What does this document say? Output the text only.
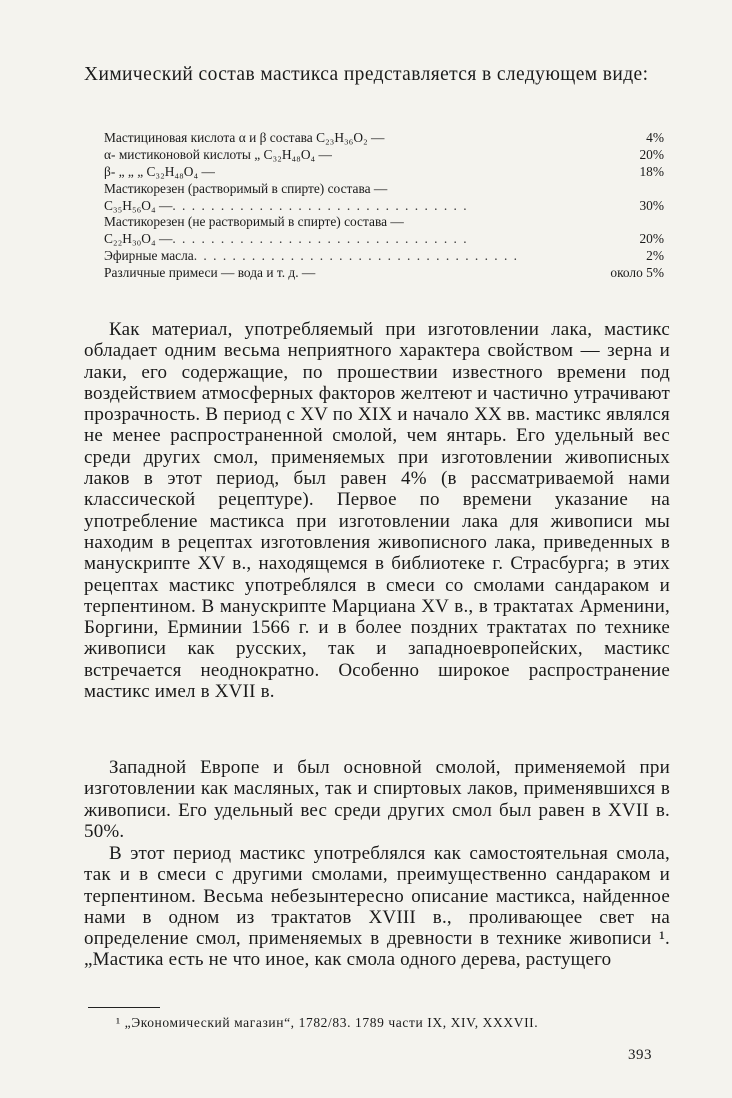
Химический состав мастикса представляется в следующем виде:

Мастициновая кислота α и β состава C₂₃H₃₆O₂ —	4%
α- мистиконовой кислоты „ C₃₂H₄₈O₄ —	20%
β- „ „ „ C₃₂H₄₈O₄ —	18%
Мастикорезен (растворимый в спирте) состава —
C₃₅H₅₆O₄ — . . . . . . . . . . . . . . . . . . . . . . . . . . . . . . .	30%
Мастикорезен (не растворимый в спирте) состава —
C₂₂H₃₀O₄ — . . . . . . . . . . . . . . . . . . . . . . . . . . . . . . .	20%
Эфирные масла . . . . . . . . . . . . . . . . . . . . . . . . . . . . . . . . . .	2%
Различные примеси — вода и т. д. —	около 5%

Как материал, употребляемый при изготовлении лака, мастикс обладает одним весьма неприятного характера свойством — зерна и лаки, его содержащие, по прошествии известного времени под воздействием атмосферных факторов желтеют и частично утрачивают прозрачность. В период с XV по XIX и начало XX вв. мастикс являлся не менее распространенной смолой, чем янтарь. Его удельный вес среди других смол, применяемых при изготовлении живописных лаков в этот период, был равен 4% (в рассматриваемой нами классической рецептуре). Первое по времени указание на употребление мастикса при изготовлении лака для живописи мы находим в рецептах изготовления живописного лака, приведенных в манускрипте XV в., находящемся в библиотеке г. Страсбурга; в этих рецептах мастикс употреблялся в смеси со смолами сандараком и терпентином. В манускрипте Марциана XV в., в трактатах Арменини, Боргини, Ерминии 1566 г. и в более поздних трактатах по технике живописи как русских, так и западноевропейских, мастикс встречается неоднократно. Особенно широкое распространение мастикс имел в XVII в.

Западной Европе и был основной смолой, применяемой при изготовлении как масляных, так и спиртовых лаков, применявшихся в живописи. Его удельный вес среди других смол был равен в XVII в. 50%.

В этот период мастикс употреблялся как самостоятельная смола, так и в смеси с другими смолами, преимущественно сандараком и терпентином. Весьма небезынтересно описание мастикса, найденное нами в одном из трактатов XVIII в., проливающее свет на определение смол, применяемых в древности в технике живописи ¹. „Мастика есть не что иное, как смола одного дерева, растущего

¹ „Экономический магазин“, 1782/83. 1789 части IX, XIV, XXXVII.

393
